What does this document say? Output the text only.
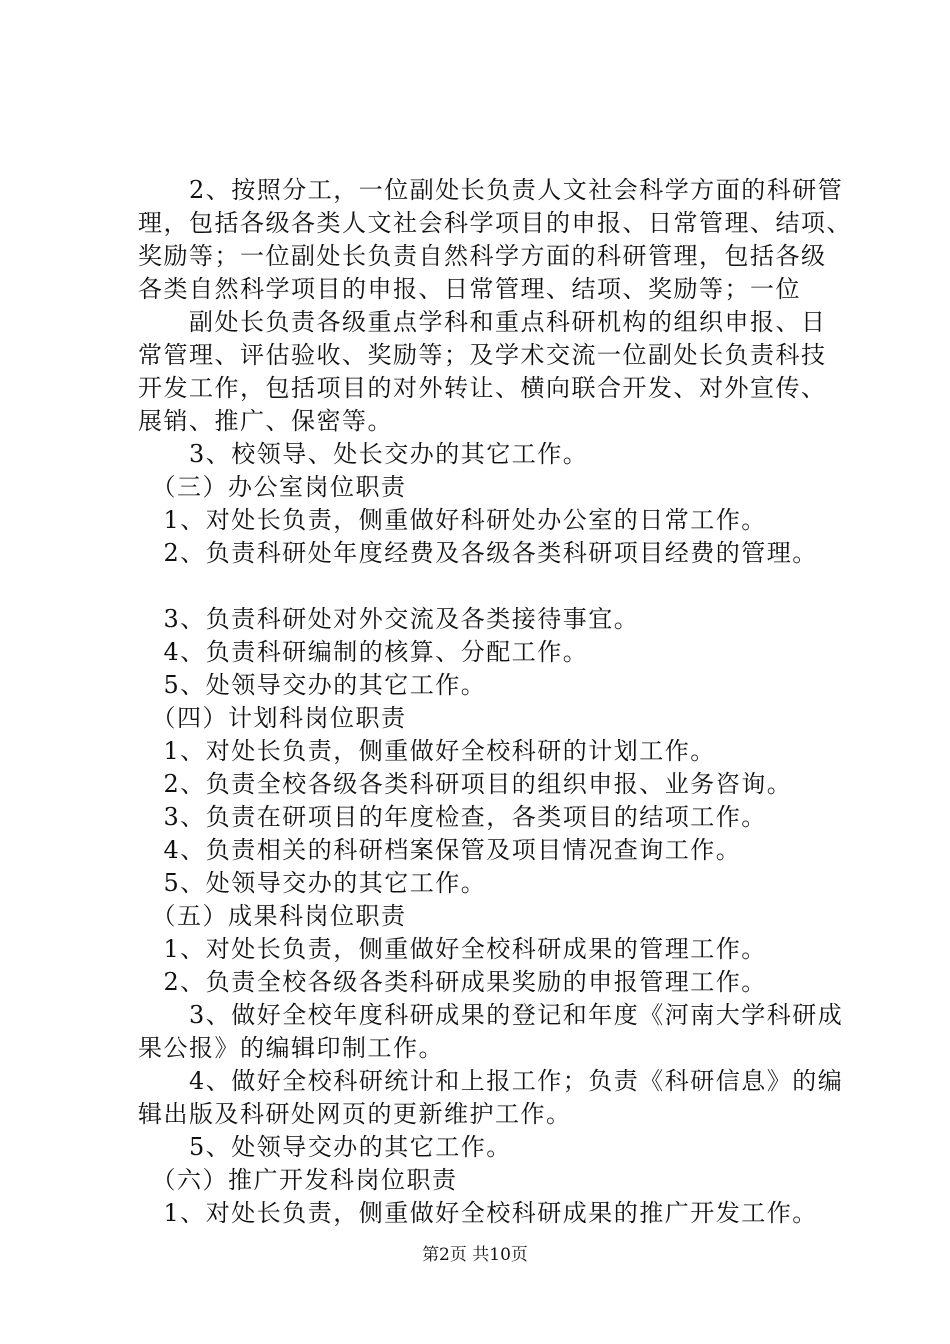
　　2、按照分工，一位副处长负责人文社会科学方面的科研管
理，包括各级各类人文社会科学项目的申报、日常管理、结项、
奖励等；一位副处长负责自然科学方面的科研管理，包括各级
各类自然科学项目的申报、日常管理、结项、奖励等；一位
　　副处长负责各级重点学科和重点科研机构的组织申报、日
常管理、评估验收、奖励等；及学术交流一位副处长负责科技
开发工作，包括项目的对外转让、横向联合开发、对外宣传、
展销、推广、保密等。
　　3、校领导、处长交办的其它工作。
　（三）办公室岗位职责
　1、对处长负责，侧重做好科研处办公室的日常工作。
　2、负责科研处年度经费及各级各类科研项目经费的管理。
　3、负责科研处对外交流及各类接待事宜。
　4、负责科研编制的核算、分配工作。
　5、处领导交办的其它工作。
　（四）计划科岗位职责
　1、对处长负责，侧重做好全校科研的计划工作。
　2、负责全校各级各类科研项目的组织申报、业务咨询。
　3、负责在研项目的年度检查，各类项目的结项工作。
　4、负责相关的科研档案保管及项目情况查询工作。
　5、处领导交办的其它工作。
　（五）成果科岗位职责
　1、对处长负责，侧重做好全校科研成果的管理工作。
　2、负责全校各级各类科研成果奖励的申报管理工作。
　　3、做好全校年度科研成果的登记和年度《河南大学科研成
果公报》的编辑印制工作。
　　4、做好全校科研统计和上报工作；负责《科研信息》的编
辑出版及科研处网页的更新维护工作。
　　5、处领导交办的其它工作。
　（六）推广开发科岗位职责
　1、对处长负责，侧重做好全校科研成果的推广开发工作。
第2页 共10页
